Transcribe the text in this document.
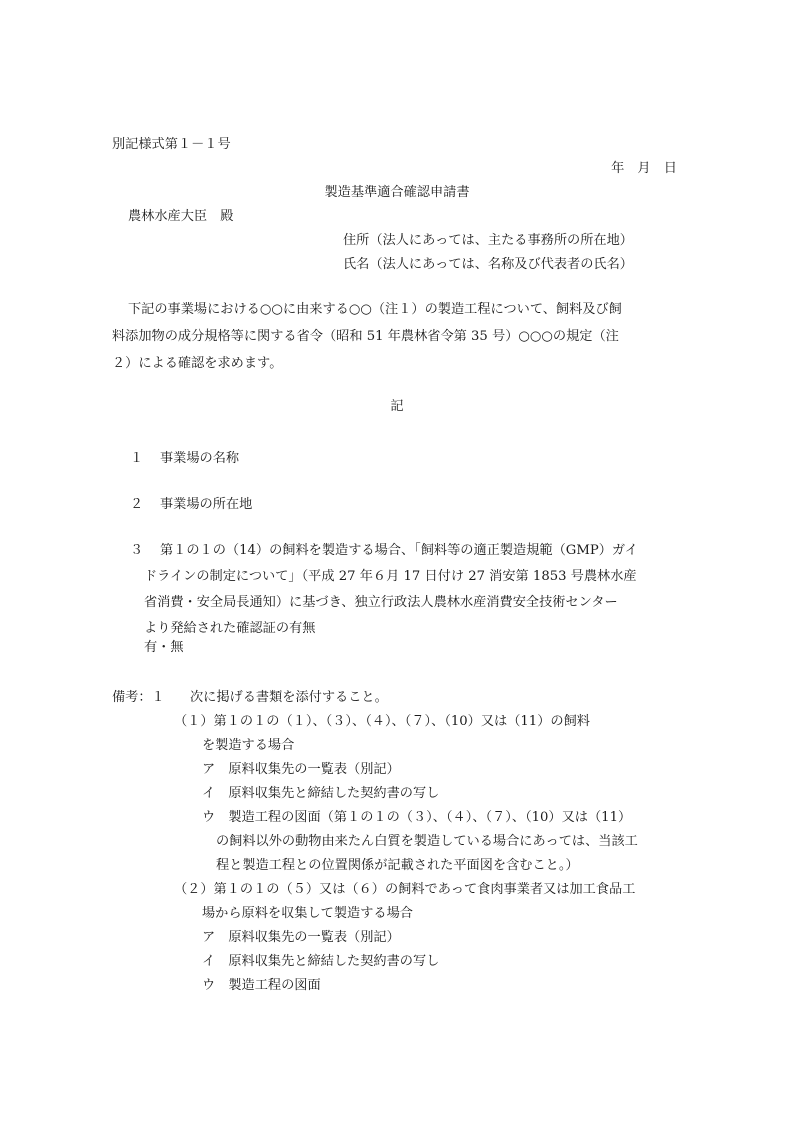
別記様式第１－１号
年　月　日
製造基準適合確認申請書
農林水産大臣　殿
住所（法人にあっては、主たる事務所の所在地）
氏名（法人にあっては、名称及び代表者の氏名）
下記の事業場における○○に由来する○○（注１）の製造工程について、飼料及び飼
料添加物の成分規格等に関する省令（昭和 51 年農林省令第 35 号）○○○の規定（注
２）による確認を求めます。
記
１ 事業場の名称
２ 事業場の所在地
３ 第１の１の（14）の飼料を製造する場合、「飼料等の適正製造規範（GMP）ガイ
ドラインの制定について」（平成 27 年６月 17 日付け 27 消安第 1853 号農林水産
省消費・安全局長通知）に基づき、独立行政法人農林水産消費安全技術センター
より発給された確認証の有無
有・無
備考：１ 次に掲げる書類を添付すること。
（１）第１の１の（１）、（３）、（４）、（７）、（10）又は（11）の飼料
を製造する場合
ア　原料収集先の一覧表（別記）
イ　原料収集先と締結した契約書の写し
ウ　製造工程の図面（第１の１の（３）、（４）、（７）、（10）又は（11）
の飼料以外の動物由来たん白質を製造している場合にあっては、当該工
程と製造工程との位置関係が記載された平面図を含むこと。）
（２）第１の１の（５）又は（６）の飼料であって食肉事業者又は加工食品工
場から原料を収集して製造する場合
ア　原料収集先の一覧表（別記）
イ　原料収集先と締結した契約書の写し
ウ　製造工程の図面
